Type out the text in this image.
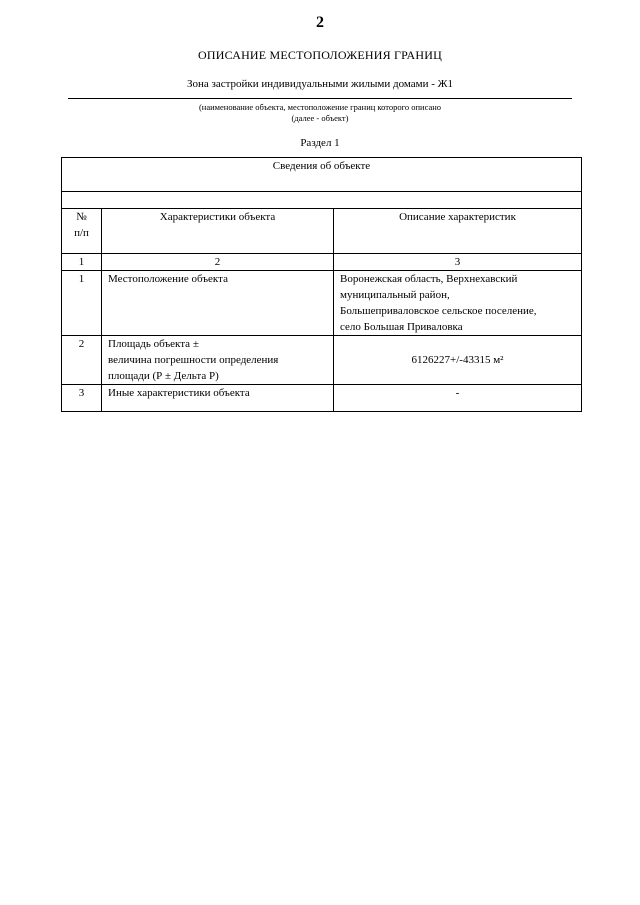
2
ОПИСАНИЕ МЕСТОПОЛОЖЕНИЯ ГРАНИЦ
Зона застройки индивидуальными жилыми домами - Ж1
(наименование объекта, местоположение границ которого описано
(далее - объект)
Раздел 1
Сведения об объекте		

№
п/п	Характеристики объекта	Описание характеристик
1	2	3
1	Местоположение объекта	Воронежская область, Верхнехавский
муниципальный район,
Большеприваловское сельское поселение,
село Большая Приваловка

2	Площадь объекта ±
величина погрешности определения
площади (Р ± Дельта Р)	6126227+/-43315 м²
3	Иные характеристики объекта	-
